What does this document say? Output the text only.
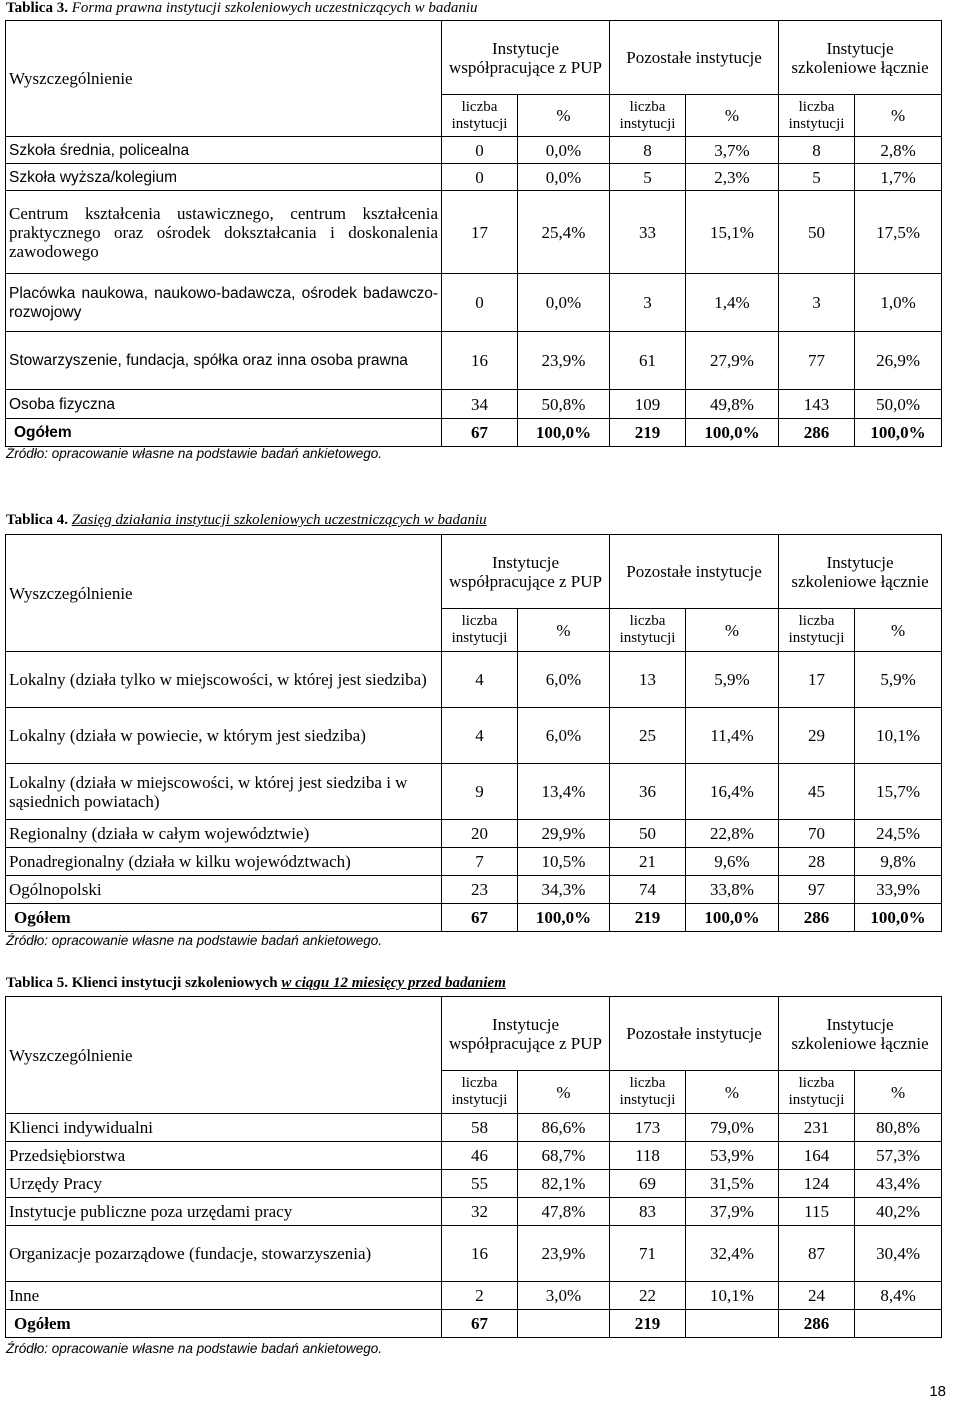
Tablica 3. Forma prawna instytucji szkoleniowych uczestniczących w badaniu
Wyszczególnienie	Instytucje współpracujące z PUP		Pozostałe instytucje		Instytucje szkoleniowe łącznie	
	liczba instytucji	%	liczba instytucji	%	liczba instytucji	%
Szkoła średnia, policealna	0	0,0%	8	3,7%	8	2,8%
Szkoła wyższa/kolegium	0	0,0%	5	2,3%	5	1,7%
Centrum kształcenia ustawicznego, centrum kształcenia praktycznego oraz ośrodek dokształcania i doskonalenia zawodowego	17	25,4%	33	15,1%	50	17,5%
Placówka naukowa, naukowo-badawcza, ośrodek badawczo-rozwojowy	0	0,0%	3	1,4%	3	1,0%
Stowarzyszenie, fundacja, spółka oraz inna osoba prawna	16	23,9%	61	27,9%	77	26,9%
Osoba fizyczna	34	50,8%	109	49,8%	143	50,0%
Ogółem	67	100,0%	219	100,0%	286	100,0%
Źródło: opracowanie własne na podstawie badań ankietowego.
Tablica 4. Zasięg działania instytucji szkoleniowych uczestniczących w badaniu
Wyszczególnienie	Instytucje współpracujące z PUP		Pozostałe instytucje		Instytucje szkoleniowe łącznie	
	liczba instytucji	%	liczba instytucji	%	liczba instytucji	%
Lokalny (działa tylko w miejscowości, w której jest siedziba)	4	6,0%	13	5,9%	17	5,9%
Lokalny (działa w powiecie, w którym jest siedziba)	4	6,0%	25	11,4%	29	10,1%
Lokalny (działa w miejscowości, w której jest siedziba i w sąsiednich powiatach)	9	13,4%	36	16,4%	45	15,7%
Regionalny (działa w całym województwie)	20	29,9%	50	22,8%	70	24,5%
Ponadregionalny (działa w kilku województwach)	7	10,5%	21	9,6%	28	9,8%
Ogólnopolski	23	34,3%	74	33,8%	97	33,9%
Ogółem	67	100,0%	219	100,0%	286	100,0%
Źródło: opracowanie własne na podstawie badań ankietowego.
Tablica 5. Klienci instytucji szkoleniowych w ciągu 12 miesięcy przed badaniem
Wyszczególnienie	Instytucje współpracujące z PUP		Pozostałe instytucje		Instytucje szkoleniowe łącznie	
	liczba instytucji	%	liczba instytucji	%	liczba instytucji	%
Klienci indywidualni	58	86,6%	173	79,0%	231	80,8%
Przedsiębiorstwa	46	68,7%	118	53,9%	164	57,3%
Urzędy Pracy	55	82,1%	69	31,5%	124	43,4%
Instytucje publiczne poza urzędami pracy	32	47,8%	83	37,9%	115	40,2%
Organizacje pozarządowe (fundacje, stowarzyszenia)	16	23,9%	71	32,4%	87	30,4%
Inne	2	3,0%	22	10,1%	24	8,4%
Ogółem	67		219		286	
Źródło: opracowanie własne na podstawie badań ankietowego.
18
